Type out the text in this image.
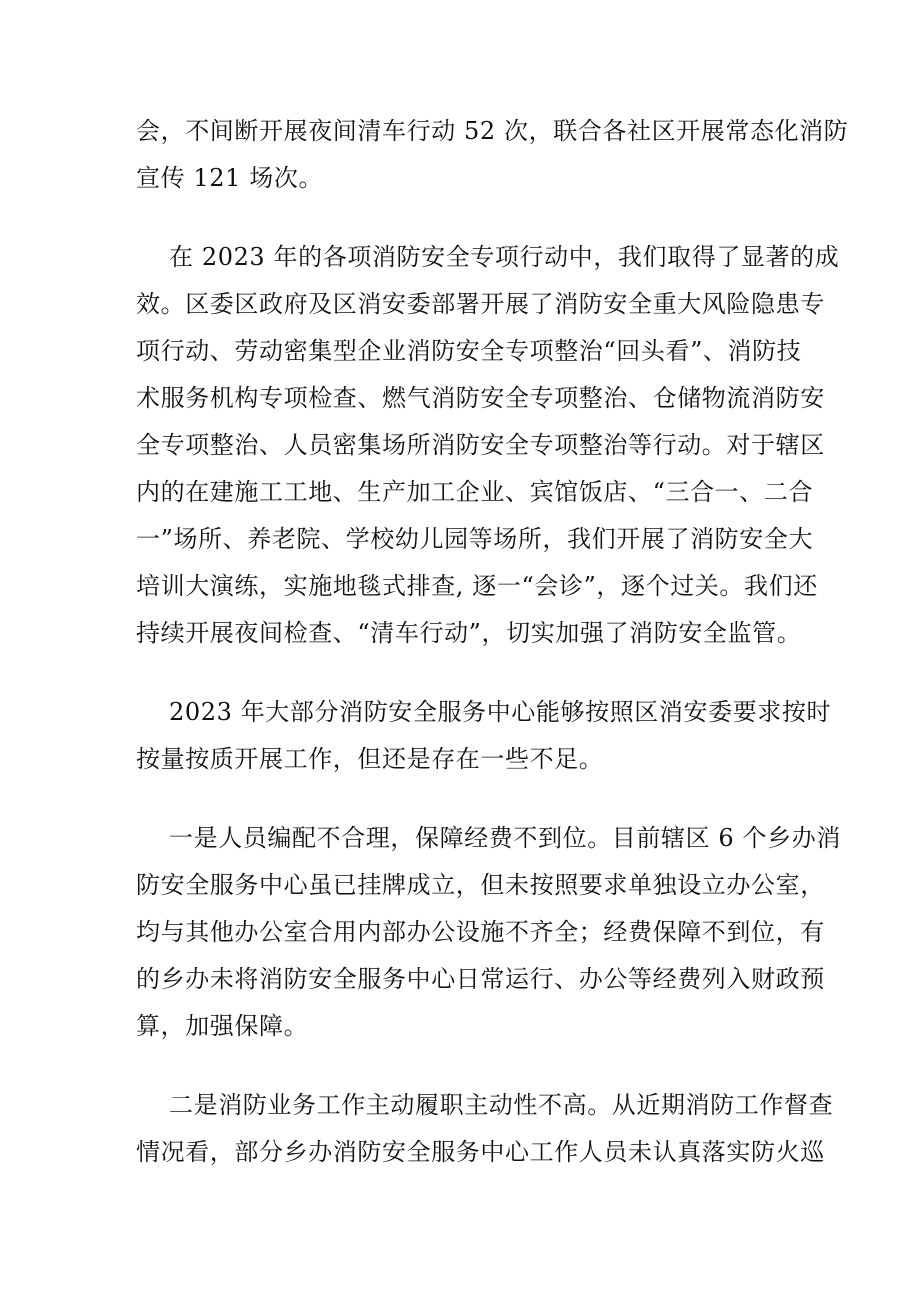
会，不间断开展夜间清车行动 52 次，联合各社区开展常态化消防
宣传 121 场次。

在 2023 年的各项消防安全专项行动中，我们取得了显著的成
效。区委区政府及区消安委部署开展了消防安全重大风险隐患专
项行动、劳动密集型企业消防安全专项整治“回头看”、消防技
术服务机构专项检查、燃气消防安全专项整治、仓储物流消防安
全专项整治、人员密集场所消防安全专项整治等行动。对于辖区
内的在建施工工地、生产加工企业、宾馆饭店、“三合一、二合
一”场所、养老院、学校幼儿园等场所，我们开展了消防安全大
培训大演练，实施地毯式排查, 逐一“会诊”，逐个过关。我们还
持续开展夜间检查、“清车行动”，切实加强了消防安全监管。

2023 年大部分消防安全服务中心能够按照区消安委要求按时
按量按质开展工作，但还是存在一些不足。

一是人员编配不合理，保障经费不到位。目前辖区 6 个乡办消
防安全服务中心虽已挂牌成立，但未按照要求单独设立办公室，
均与其他办公室合用内部办公设施不齐全；经费保障不到位，有
的乡办未将消防安全服务中心日常运行、办公等经费列入财政预
算，加强保障。

二是消防业务工作主动履职主动性不高。从近期消防工作督查
情况看，部分乡办消防安全服务中心工作人员未认真落实防火巡
